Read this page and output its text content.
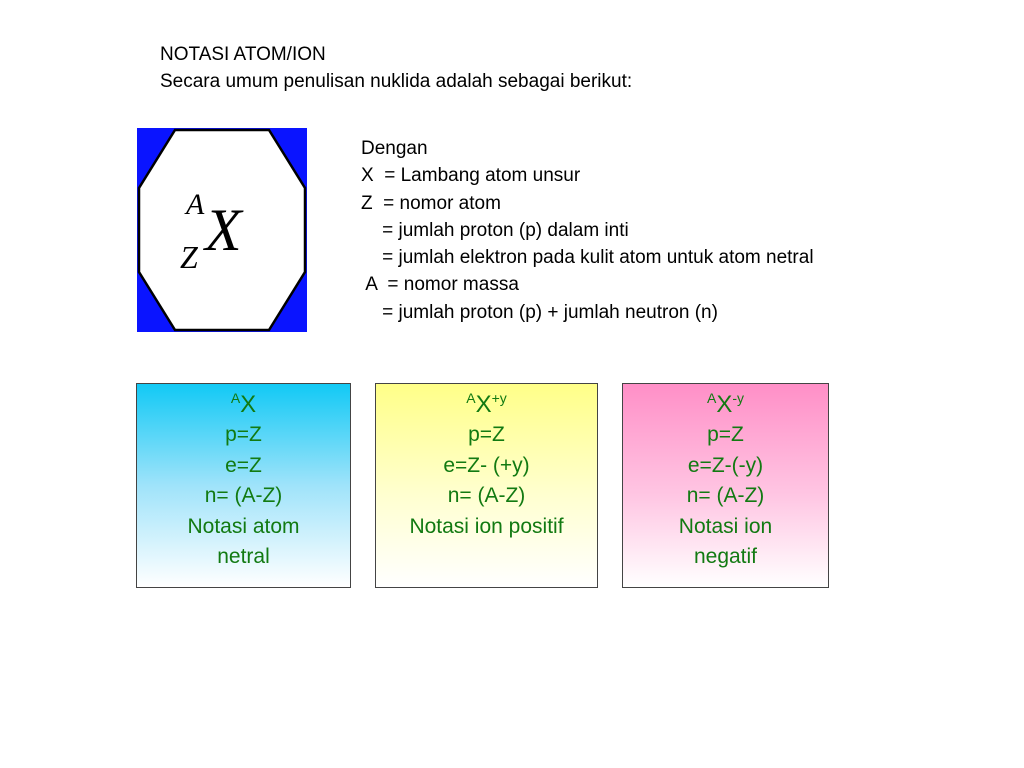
NOTASI ATOM/ION
Secara umum penulisan nuklida adalah sebagai berikut:
A
Z X
Dengan
X  = Lambang atom unsur
Z  = nomor atom
= jumlah proton (p) dalam inti
= jumlah elektron pada kulit atom untuk atom netral
A  = nomor massa
= jumlah proton (p) + jumlah neutron (n)
$^A$X
p=Z
e=Z
n= (A-Z)
Notasi atom
netral
$^AX^{+y}$
p=Z
e=Z- (+y)
n= (A-Z)
Notasi ion positif
$^AX^{-y}$
p=Z
e=Z-(-y)
n= (A-Z)
Notasi ion
negatif
